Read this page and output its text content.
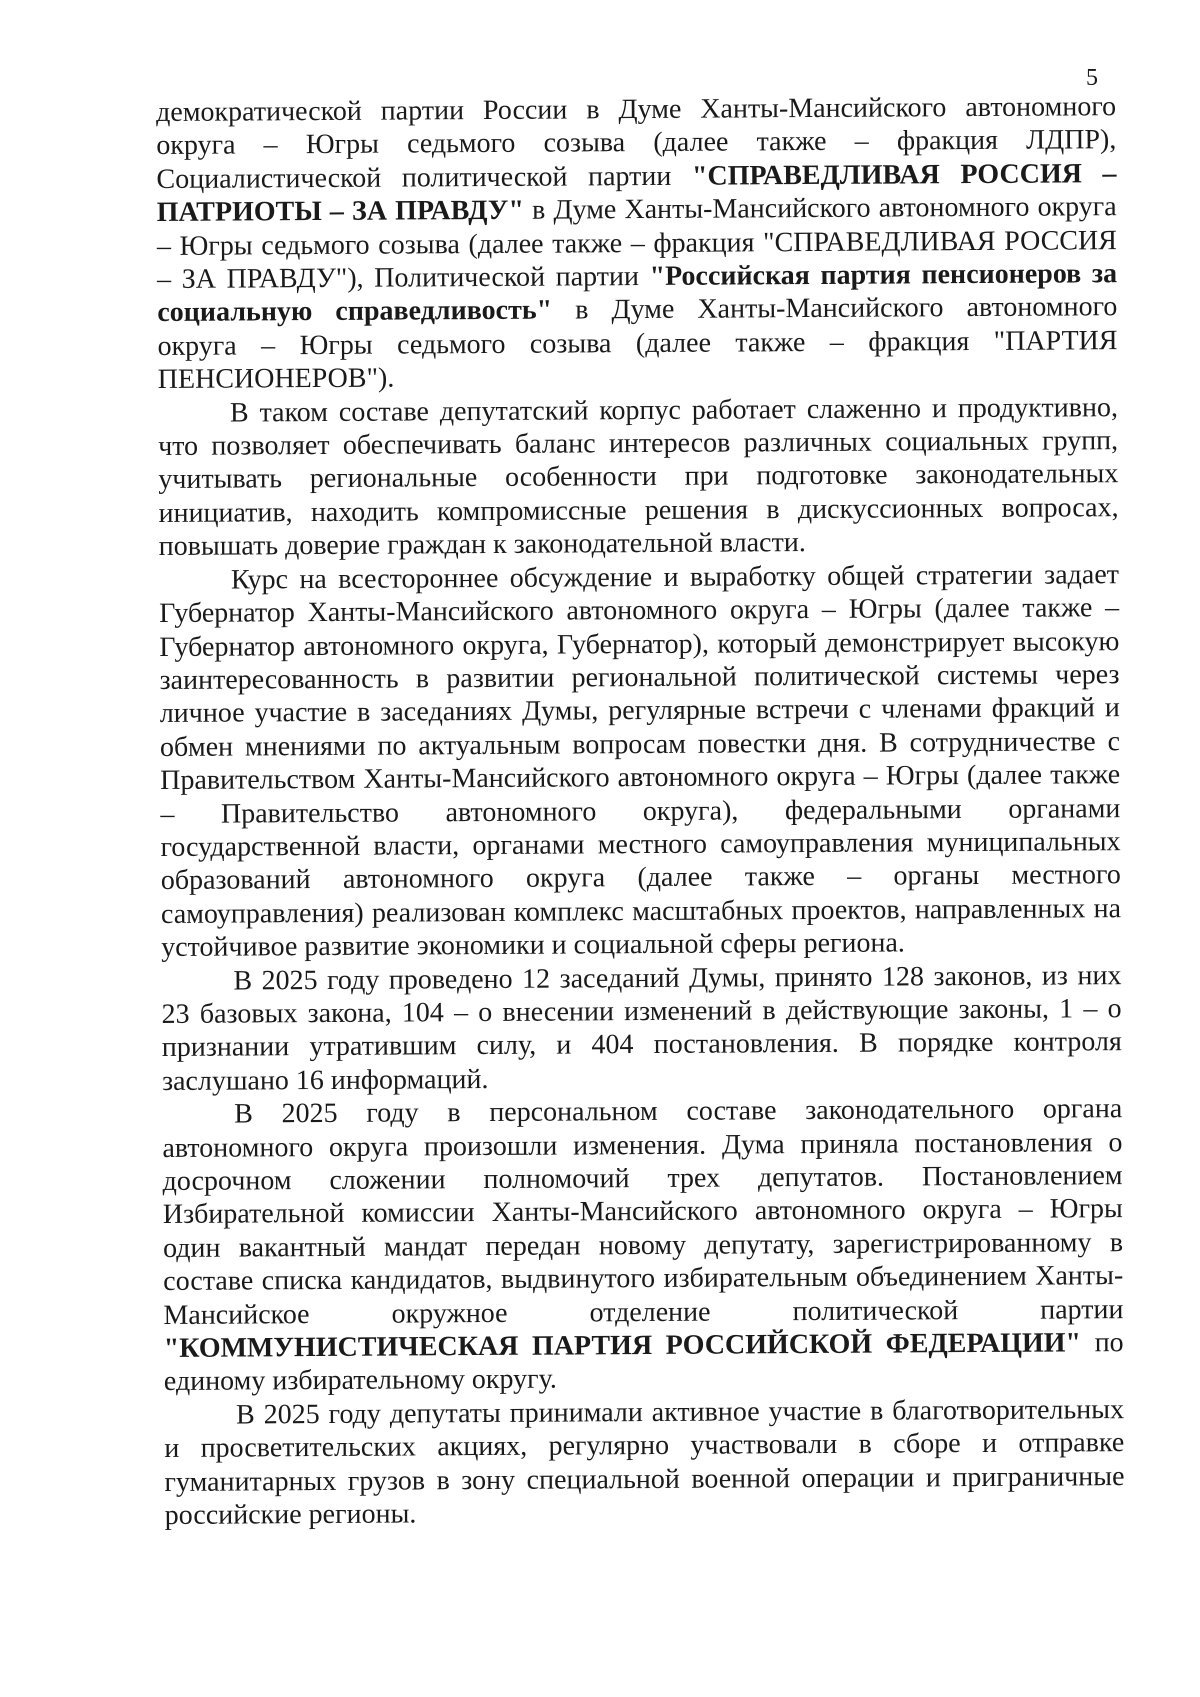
5

демократической партии России в Думе Ханты-Мансийского автономного округа – Югры седьмого созыва (далее также – фракция ЛДПР), Социалистической политической партии "СПРАВЕДЛИВАЯ РОССИЯ – ПАТРИОТЫ – ЗА ПРАВДУ" в Думе Ханты-Мансийского автономного округа – Югры седьмого созыва (далее также – фракция "СПРАВЕДЛИВАЯ РОССИЯ – ЗА ПРАВДУ"), Политической партии "Российская партия пенсионеров за социальную справедливость" в Думе Ханты-Мансийского автономного округа – Югры седьмого созыва (далее также – фракция "ПАРТИЯ ПЕНСИОНЕРОВ").

В таком составе депутатский корпус работает слаженно и продуктивно, что позволяет обеспечивать баланс интересов различных социальных групп, учитывать региональные особенности при подготовке законодательных инициатив, находить компромиссные решения в дискуссионных вопросах, повышать доверие граждан к законодательной власти.

Курс на всестороннее обсуждение и выработку общей стратегии задает Губернатор Ханты-Мансийского автономного округа – Югры (далее также – Губернатор автономного округа, Губернатор), который демонстрирует высокую заинтересованность в развитии региональной политической системы через личное участие в заседаниях Думы, регулярные встречи с членами фракций и обмен мнениями по актуальным вопросам повестки дня. В сотрудничестве с Правительством Ханты-Мансийского автономного округа – Югры (далее также – Правительство автономного округа), федеральными органами государственной власти, органами местного самоуправления муниципальных образований автономного округа (далее также – органы местного самоуправления) реализован комплекс масштабных проектов, направленных на устойчивое развитие экономики и социальной сферы региона.

В 2025 году проведено 12 заседаний Думы, принято 128 законов, из них 23 базовых закона, 104 – о внесении изменений в действующие законы, 1 – о признании утратившим силу, и 404 постановления. В порядке контроля заслушано 16 информаций.

В 2025 году в персональном составе законодательного органа автономного округа произошли изменения. Дума приняла постановления о досрочном сложении полномочий трех депутатов. Постановлением Избирательной комиссии Ханты-Мансийского автономного округа – Югры один вакантный мандат передан новому депутату, зарегистрированному в составе списка кандидатов, выдвинутого избирательным объединением Ханты-Мансийское окружное отделение политической партии "КОММУНИСТИЧЕСКАЯ ПАРТИЯ РОССИЙСКОЙ ФЕДЕРАЦИИ" по единому избирательному округу.

В 2025 году депутаты принимали активное участие в благотворительных и просветительских акциях, регулярно участвовали в сборе и отправке гуманитарных грузов в зону специальной военной операции и приграничные российские регионы.
